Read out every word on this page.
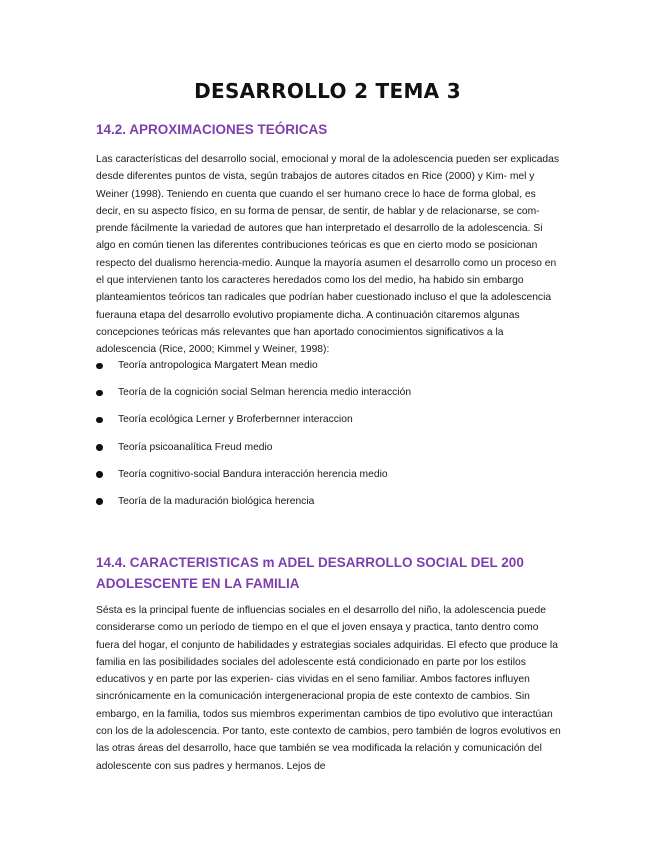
DESARROLLO 2 TEMA 3
14.2. APROXIMACIONES TEÓRICAS
Las características del desarrollo social, emocional y moral de la adolescencia pueden ser explicadas desde diferentes puntos de vista, según trabajos de autores citados en Rice (2000) y Kim- mel y Weiner (1998). Teniendo en cuenta que cuando el ser humano crece lo hace de forma global, es decir, en su aspecto físico, en su forma de pensar, de sentir, de hablar y de relacionarse, se com- prende fácilmente la variedad de autores que han interpretado el desarrollo de la adolescencia. Si algo en común tienen las diferentes contribuciones teóricas es que en cierto modo se posicionan respecto del dualismo herencia-medio. Aunque la mayoría asumen el desarrollo como un proceso en el que intervienen tanto los caracteres heredados como los del medio, ha habido sin embargo planteamientos teóricos tan radicales que podrían haber cuestionado incluso el que la adolescencia fuerauna etapa del desarrollo evolutivo propiamente dicha. A continuación citaremos algunas concepciones teóricas más relevantes que han aportado conocimientos significativos a la adolescencia (Rice, 2000; Kimmel y Weiner, 1998):
Teoría antropologica Margatert Mean medio
Teoría de la cognición social Selman herencia medio interacción
Teoría ecológica Lerner y Broferbernner interaccion
Teoría psicoanalítica Freud medio
Teoría cognitivo-social Bandura interacción herencia medio
Teoría de la maduración biológica herencia
14.4. CARACTERISTICAS m ADEL DESARROLLO SOCIAL DEL 200
ADOLESCENTE EN LA FAMILIA
Sésta es la principal fuente de influencias sociales en el desarrollo del niño, la adolescencia puede considerarse como un período de tiempo en el que el joven ensaya y practica, tanto dentro como fuera del hogar, el conjunto de habilidades y estrategias sociales adquiridas. El efecto que produce la familia en las posibilidades sociales del adolescente está condicionado en parte por los estilos educativos y en parte por las experien- cias vividas en el seno familiar. Ambos factores influyen sincrónicamente en la comunicación intergeneracional propia de este contexto de cambios. Sin embargo, en la familia, todos sus miembros experimentan cambios de tipo evolutivo que interactúan con los de la adolescencia. Por tanto, este contexto de cambios, pero también de logros evolutivos en las otras áreas del desarrollo, hace que también se vea modificada la relación y comunicación del adolescente con sus padres y hermanos. Lejos de
